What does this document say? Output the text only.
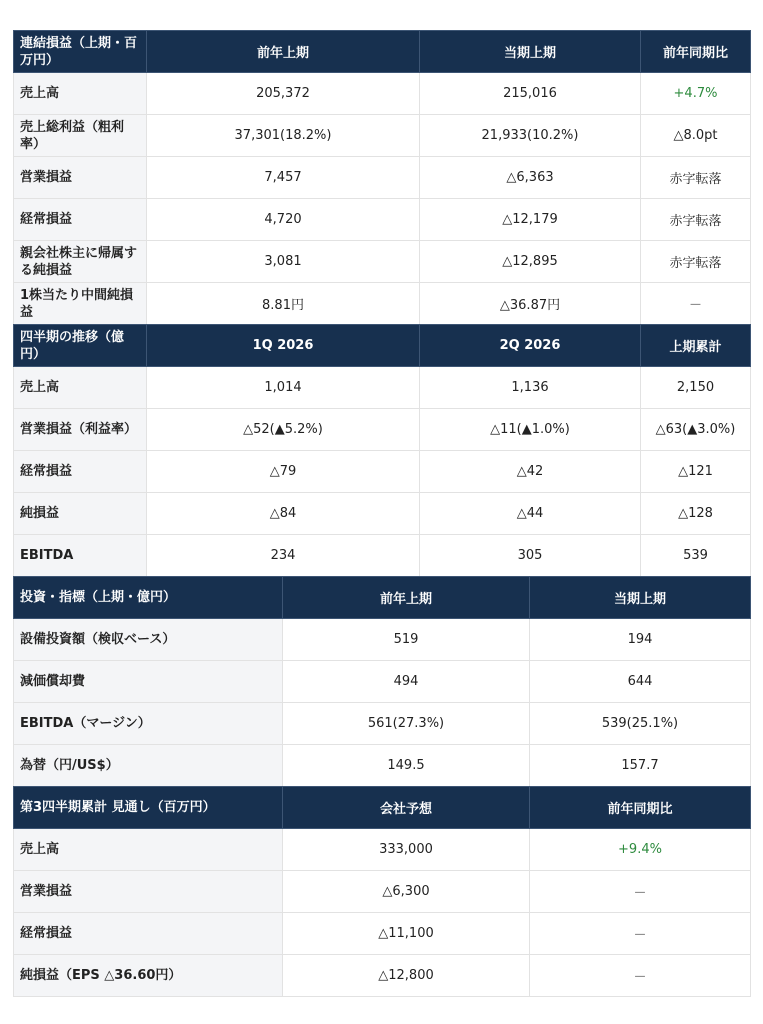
連結損益（上期・百万円）	前年上期	当期上期	前年同期比
売上高	205,372	215,016	+4.7%
売上総利益（粗利率）	37,301(18.2%)	21,933(10.2%)	△8.0pt
営業損益	7,457	△6,363	赤字転落
経常損益	4,720	△12,179	赤字転落
親会社株主に帰属する純損益	3,081	△12,895	赤字転落
1株当たり中間純損益	8.81円	△36.87円	－
四半期の推移（億円）	1Q 2026	2Q 2026	上期累計
売上高	1,014	1,136	2,150
営業損益（利益率）	△52(▲5.2%)	△11(▲1.0%)	△63(▲3.0%)
経常損益	△79	△42	△121
純損益	△84	△44	△128
EBITDA	234	305	539
投資・指標（上期・億円）	前年上期	当期上期
設備投資額（検収ベース）	519	194
減価償却費	494	644
EBITDA（マージン）	561(27.3%)	539(25.1%)
為替（円/US$）	149.5	157.7
第3四半期累計 見通し（百万円）	会社予想	前年同期比
売上高	333,000	+9.4%
営業損益	△6,300	－
経常損益	△11,100	－
純損益（EPS △36.60円）	△12,800	－
